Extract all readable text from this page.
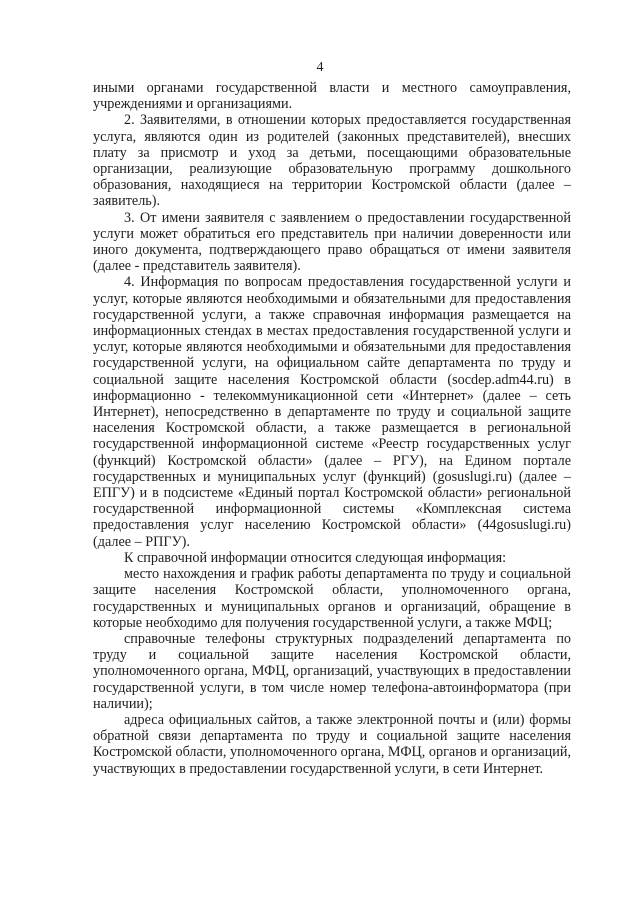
4

иными органами государственной власти и местного самоуправления, учреждениями и организациями.

2. Заявителями, в отношении которых предоставляется государственная услуга, являются один из родителей (законных представителей), внесших плату за присмотр и уход за детьми, посещающими образовательные организации, реализующие образовательную программу дошкольного образования, находящиеся на территории Костромской области (далее – заявитель).

3. От имени заявителя с заявлением о предоставлении государственной услуги может обратиться его представитель при наличии доверенности или иного документа, подтверждающего право обращаться от имени заявителя (далее - представитель заявителя).

4. Информация по вопросам предоставления государственной услуги и услуг, которые являются необходимыми и обязательными для предоставления государственной услуги, а также справочная информация размещается на информационных стендах в местах предоставления государственной услуги и услуг, которые являются необходимыми и обязательными для предоставления государственной услуги, на официальном сайте департамента по труду и социальной защите населения Костромской области (socdep.adm44.ru) в информационно - телекоммуникационной сети «Интернет» (далее – сеть Интернет), непосредственно в департаменте по труду и социальной защите населения Костромской области, а также размещается в региональной государственной информационной системе «Реестр государственных услуг (функций) Костромской области» (далее – РГУ), на Едином портале государственных и муниципальных услуг (функций) (gosuslugi.ru) (далее – ЕПГУ) и в подсистеме «Единый портал Костромской области» региональной государственной информационной системы «Комплексная система предоставления услуг населению Костромской области» (44gosuslugi.ru) (далее – РПГУ).

К справочной информации относится следующая информация:

место нахождения и график работы департамента по труду и социальной защите населения Костромской области, уполномоченного органа, государственных и муниципальных органов и организаций, обращение в которые необходимо для получения государственной услуги, а также МФЦ;

справочные телефоны структурных подразделений департамента по труду и социальной защите населения Костромской области, уполномоченного органа, МФЦ, организаций, участвующих в предоставлении государственной услуги, в том числе номер телефона-автоинформатора (при наличии);

адреса официальных сайтов, а также электронной почты и (или) формы обратной связи департамента по труду и социальной защите населения Костромской области, уполномоченного органа, МФЦ, органов и организаций, участвующих в предоставлении государственной услуги, в сети Интернет.
